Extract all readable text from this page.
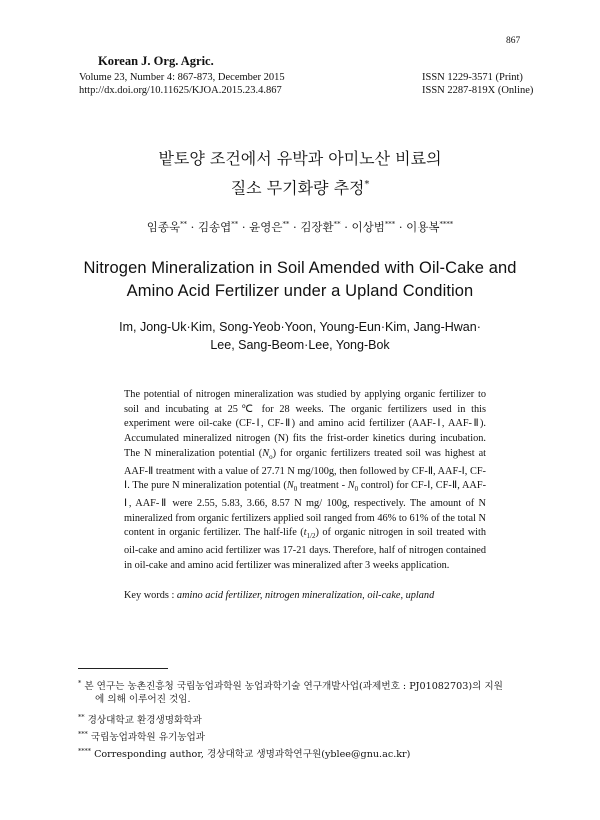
867
Korean J. Org. Agric.
Volume 23, Number 4: 867-873, December 2015
http://dx.doi.org/10.11625/KJOA.2015.23.4.867
ISSN 1229-3571 (Print)
ISSN 2287-819X (Online)
밭토양 조건에서 유박과 아미노산 비료의
질소 무기화량 추정*
임종욱** · 김송엽** · 윤영은** · 김장환** · 이상범*** · 이용복****
Nitrogen Mineralization in Soil Amended with Oil-Cake and
Amino Acid Fertilizer under a Upland Condition
Im, Jong-Uk·Kim, Song-Yeob·Yoon, Young-Eun·Kim, Jang-Hwan·
Lee, Sang-Beom·Lee, Yong-Bok
The potential of nitrogen mineralization was studied by applying organic fertilizer to soil and incubating at 25℃ for 28 weeks. The organic fertilizers used in this experiment were oil-cake (CF-Ⅰ, CF-Ⅱ) and amino acid fertilizer (AAF-Ⅰ, AAF-Ⅱ). Accumulated mineralized nitrogen (N) fits the frist-order kinetics during incubation. The N mineralization potential $(N_o)$ for organic fertilizers treated soil was highest at AAF-Ⅱ treatment with a value of 27.71 N mg/100g, then followed by CF-Ⅱ, AAF-Ⅰ, CF-Ⅰ. The pure N mineralization potential ($N_0$ treatment - $N_0$ control) for CF-Ⅰ, CF-Ⅱ, AAF-Ⅰ, AAF-Ⅱ were 2.55, 5.83, 3.66, 8.57 N mg/ 100g, respectively. The amount of N mineralized from organic fertilizers applied soil ranged from 46% to 61% of the total N content in organic fertilizer. The half-life $(t_{1/2})$ of organic nitrogen in soil treated with oil-cake and amino acid fertilizer was 17-21 days. Therefore, half of nitrogen contained in oil-cake and amino acid fertilizer was mineralized after 3 weeks application.
Key words : amino acid fertilizer, nitrogen mineralization, oil-cake, upland
* 본 연구는 농촌진흥청 국립농업과학원 농업과학기술 연구개발사업(과제번호 : PJ01082703)의 지원
에 의해 이루어진 것임.
** 경상대학교 환경생명화학과
*** 국립농업과학원 유기농업과
**** Corresponding author, 경상대학교 생명과학연구원(yblee@gnu.ac.kr)
